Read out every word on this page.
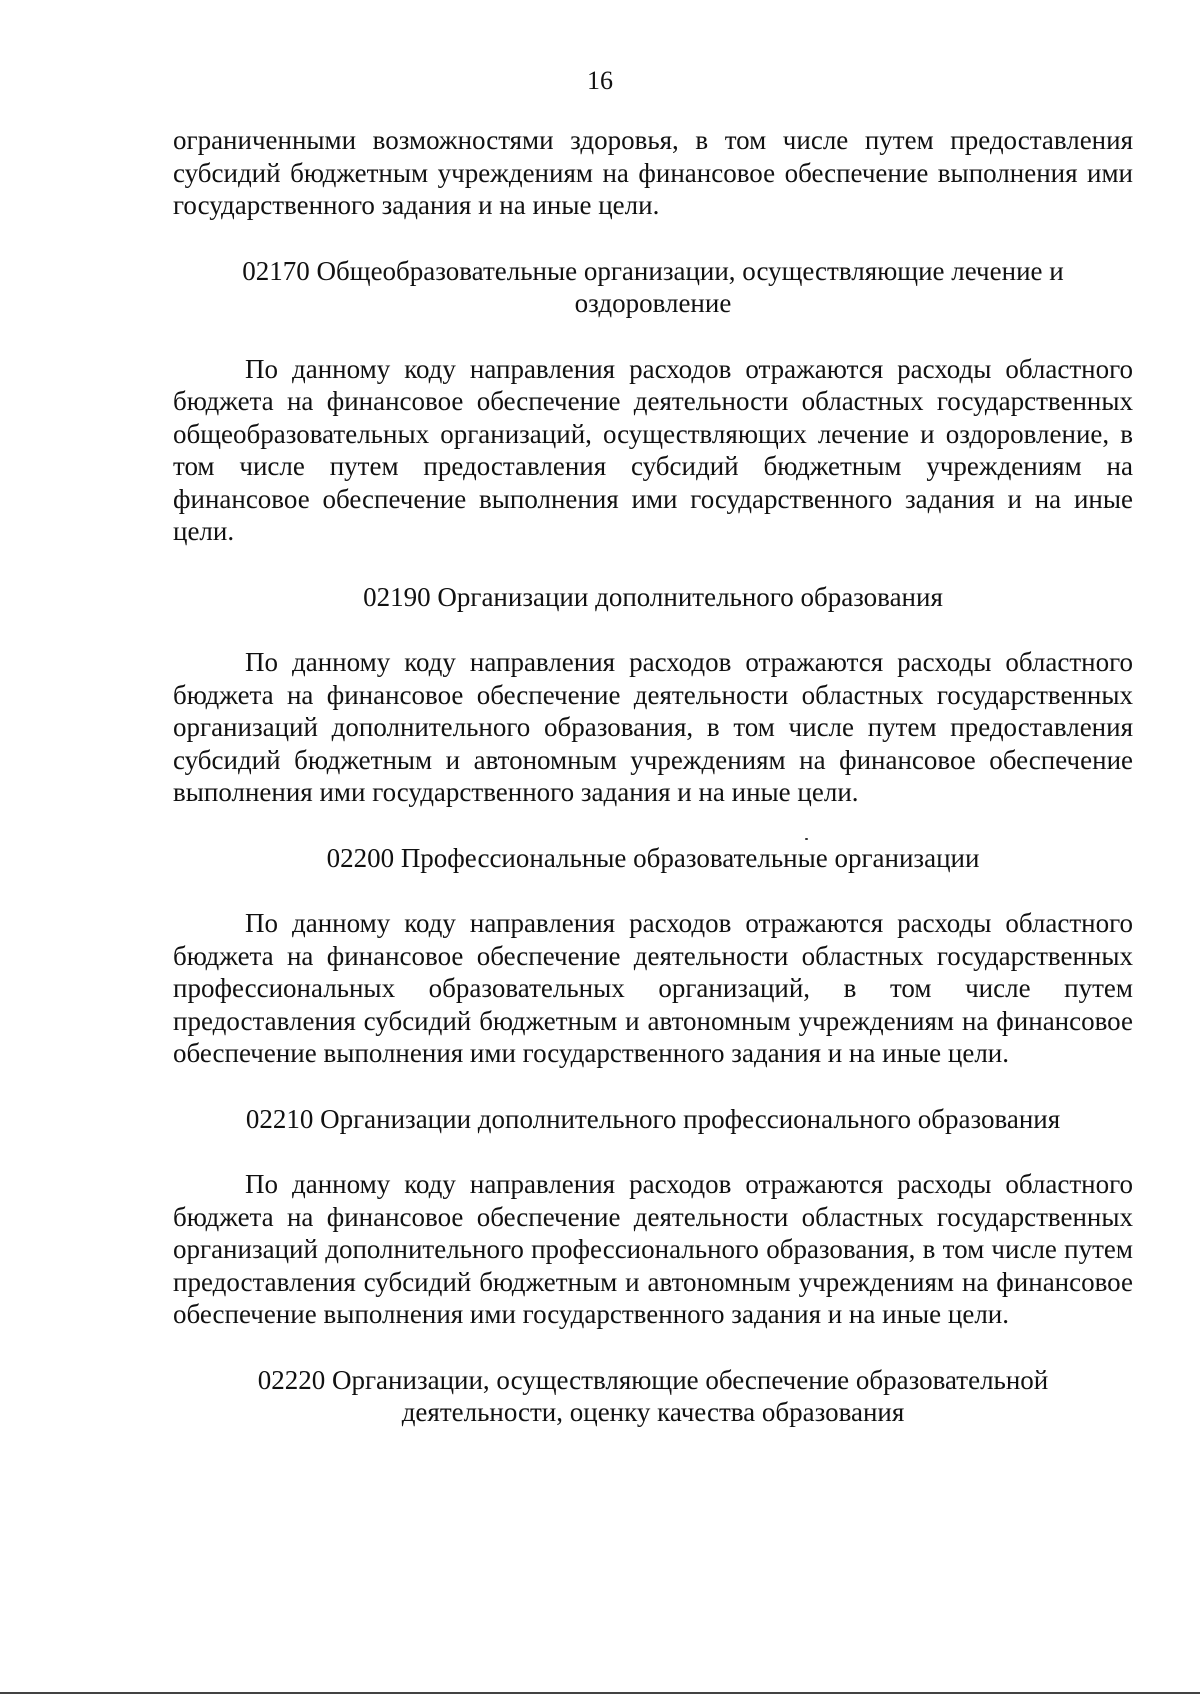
16

ограниченными возможностями здоровья, в том числе путем предоставления субсидий бюджетным учреждениям на финансовое обеспечение выполнения ими государственного задания и на иные цели.

02170 Общеобразовательные организации, осуществляющие лечение и оздоровление

По данному коду направления расходов отражаются расходы областного бюджета на финансовое обеспечение деятельности областных государственных общеобразовательных организаций, осуществляющих лечение и оздоровление, в том числе путем предоставления субсидий бюджетным учреждениям на финансовое обеспечение выполнения ими государственного задания и на иные цели.

02190 Организации дополнительного образования

По данному коду направления расходов отражаются расходы областного бюджета на финансовое обеспечение деятельности областных государственных организаций дополнительного образования, в том числе путем предоставления субсидий бюджетным и автономным учреждениям на финансовое обеспечение выполнения ими государственного задания и на иные цели.

02200 Профессиональные образовательные организации

По данному коду направления расходов отражаются расходы областного бюджета на финансовое обеспечение деятельности областных государственных профессиональных образовательных организаций, в том числе путем предоставления субсидий бюджетным и автономным учреждениям на финансовое обеспечение выполнения ими государственного задания и на иные цели.

02210 Организации дополнительного профессионального образования

По данному коду направления расходов отражаются расходы областного бюджета на финансовое обеспечение деятельности областных государственных организаций дополнительного профессионального образования, в том числе путем предоставления субсидий бюджетным и автономным учреждениям на финансовое обеспечение выполнения ими государственного задания и на иные цели.

02220 Организации, осуществляющие обеспечение образовательной деятельности, оценку качества образования
